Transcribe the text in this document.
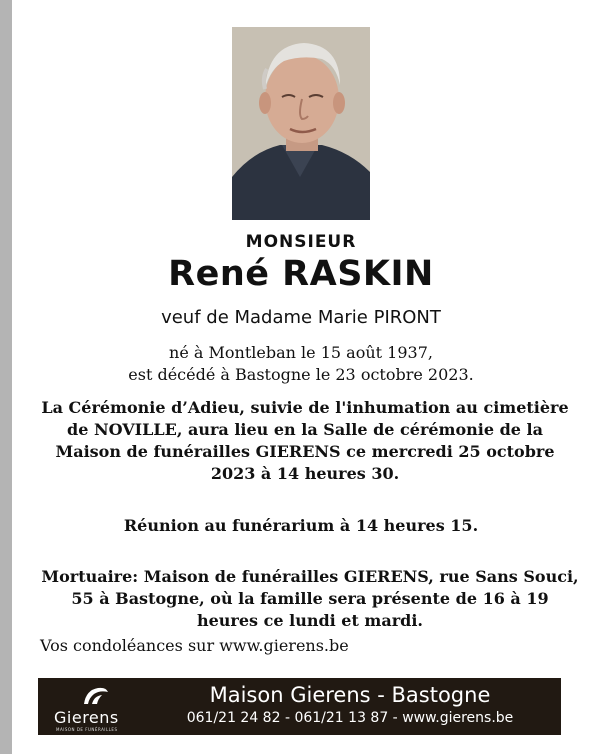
MONSIEUR
René RASKIN
veuf de Madame Marie PIRONT
né à Montleban le 15 août 1937,
est décédé à Bastogne le 23 octobre 2023.
La Cérémonie d’Adieu, suivie de l'inhumation au cimetière de NOVILLE, aura lieu en la Salle de cérémonie de la Maison de funérailles GIERENS ce mercredi 25 octobre 2023 à 14 heures 30.
Réunion au funérarium à 14 heures 15.
Mortuaire: Maison de funérailles GIERENS, rue Sans Souci, 55 à Bastogne, où la famille sera présente de 16 à 19 heures ce lundi et mardi.
Vos condoléances sur www.gierens.be
Gierens
MAISON DE FUNÉRAILLES
Maison Gierens - Bastogne
061/21 24 82 - 061/21 13 87 - www.gierens.be
